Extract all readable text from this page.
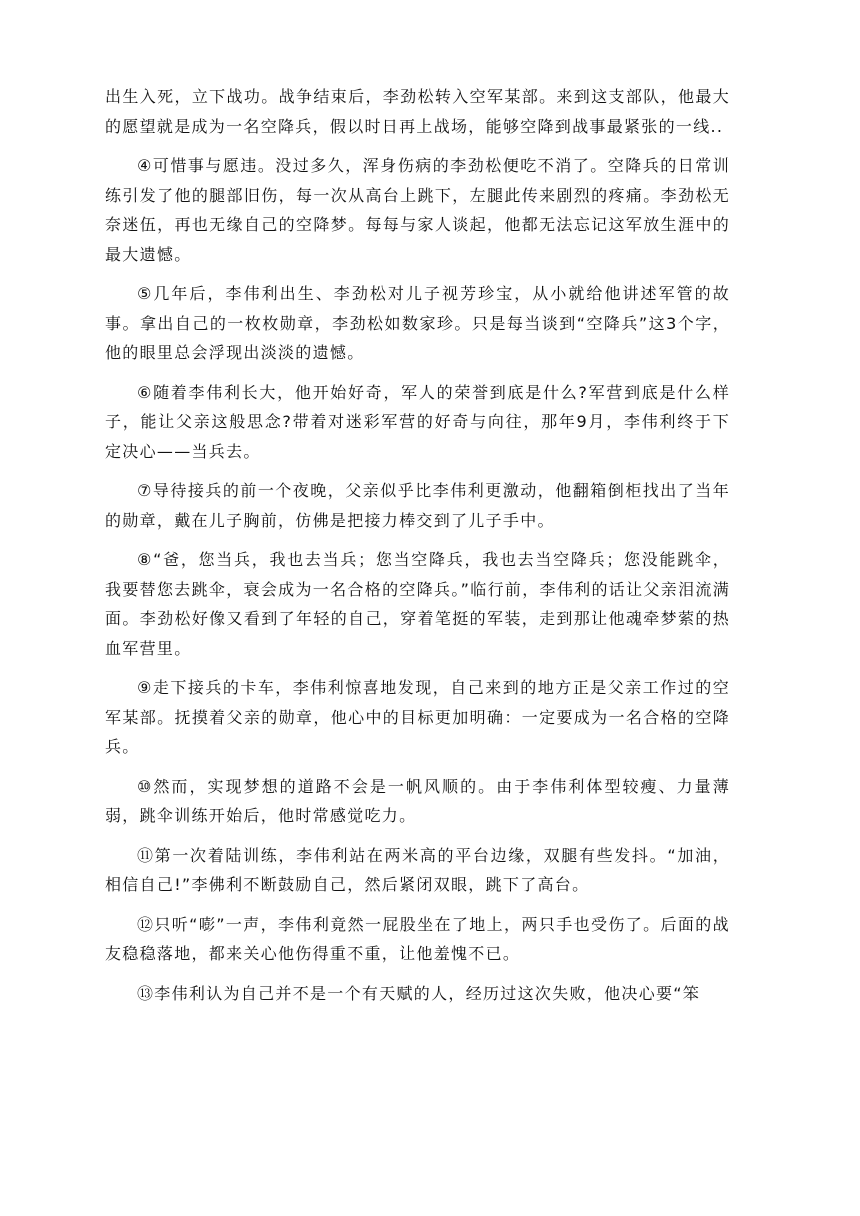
出生入死，立下战功。战争结束后，李劲松转入空军某部。来到这支部队，他最大的愿望就是成为一名空降兵，假以时日再上战场，能够空降到战事最紧张的一线..

④可惜事与愿违。没过多久，浑身伤病的李劲松便吃不消了。空降兵的日常训练引发了他的腿部旧伤，每一次从高台上跳下，左腿此传来剧烈的疼痛。李劲松无奈迷伍，再也无缘自己的空降梦。每每与家人谈起，他都无法忘记这军放生涯中的最大遗憾。

⑤几年后，李伟利出生、李劲松对儿子视芳珍宝，从小就给他讲述军管的故事。拿出自己的一枚枚勋章，李劲松如数家珍。只是每当谈到“空降兵”这3个字，他的眼里总会浮现出淡淡的遗憾。

⑥随着李伟利长大，他开始好奇，军人的荣誉到底是什么?军营到底是什么样子，能让父亲这般思念?带着对迷彩军营的好奇与向往，那年9月，李伟利终于下定决心——当兵去。

⑦导待接兵的前一个夜晚，父亲似乎比李伟利更激动，他翻箱倒柜找出了当年的勋章，戴在儿子胸前，仿佛是把接力棒交到了儿子手中。

⑧“爸，您当兵，我也去当兵；您当空降兵，我也去当空降兵；您没能跳伞，我要替您去跳伞，衰会成为一名合格的空降兵。”临行前，李伟利的话让父亲泪流满面。李劲松好像又看到了年轻的自己，穿着笔挺的军装，走到那让他魂牵梦萦的热血军营里。

⑨走下接兵的卡车，李伟利惊喜地发现，自己来到的地方正是父亲工作过的空军某部。抚摸着父亲的勋章，他心中的目标更加明确：一定要成为一名合格的空降兵。

⑩然而，实现梦想的道路不会是一帆风顺的。由于李伟利体型较瘦、力量薄弱，跳伞训练开始后，他时常感觉吃力。

⑪第一次着陆训练，李伟利站在两米高的平台边缘，双腿有些发抖。“加油，相信自己!”李佛利不断鼓励自己，然后紧闭双眼，跳下了高台。

⑫只听“嘭”一声，李伟利竟然一屁股坐在了地上，两只手也受伤了。后面的战友稳稳落地，都来关心他伤得重不重，让他羞愧不已。

⑬李伟利认为自己并不是一个有天赋的人，经历过这次失败，他决心要“笨
